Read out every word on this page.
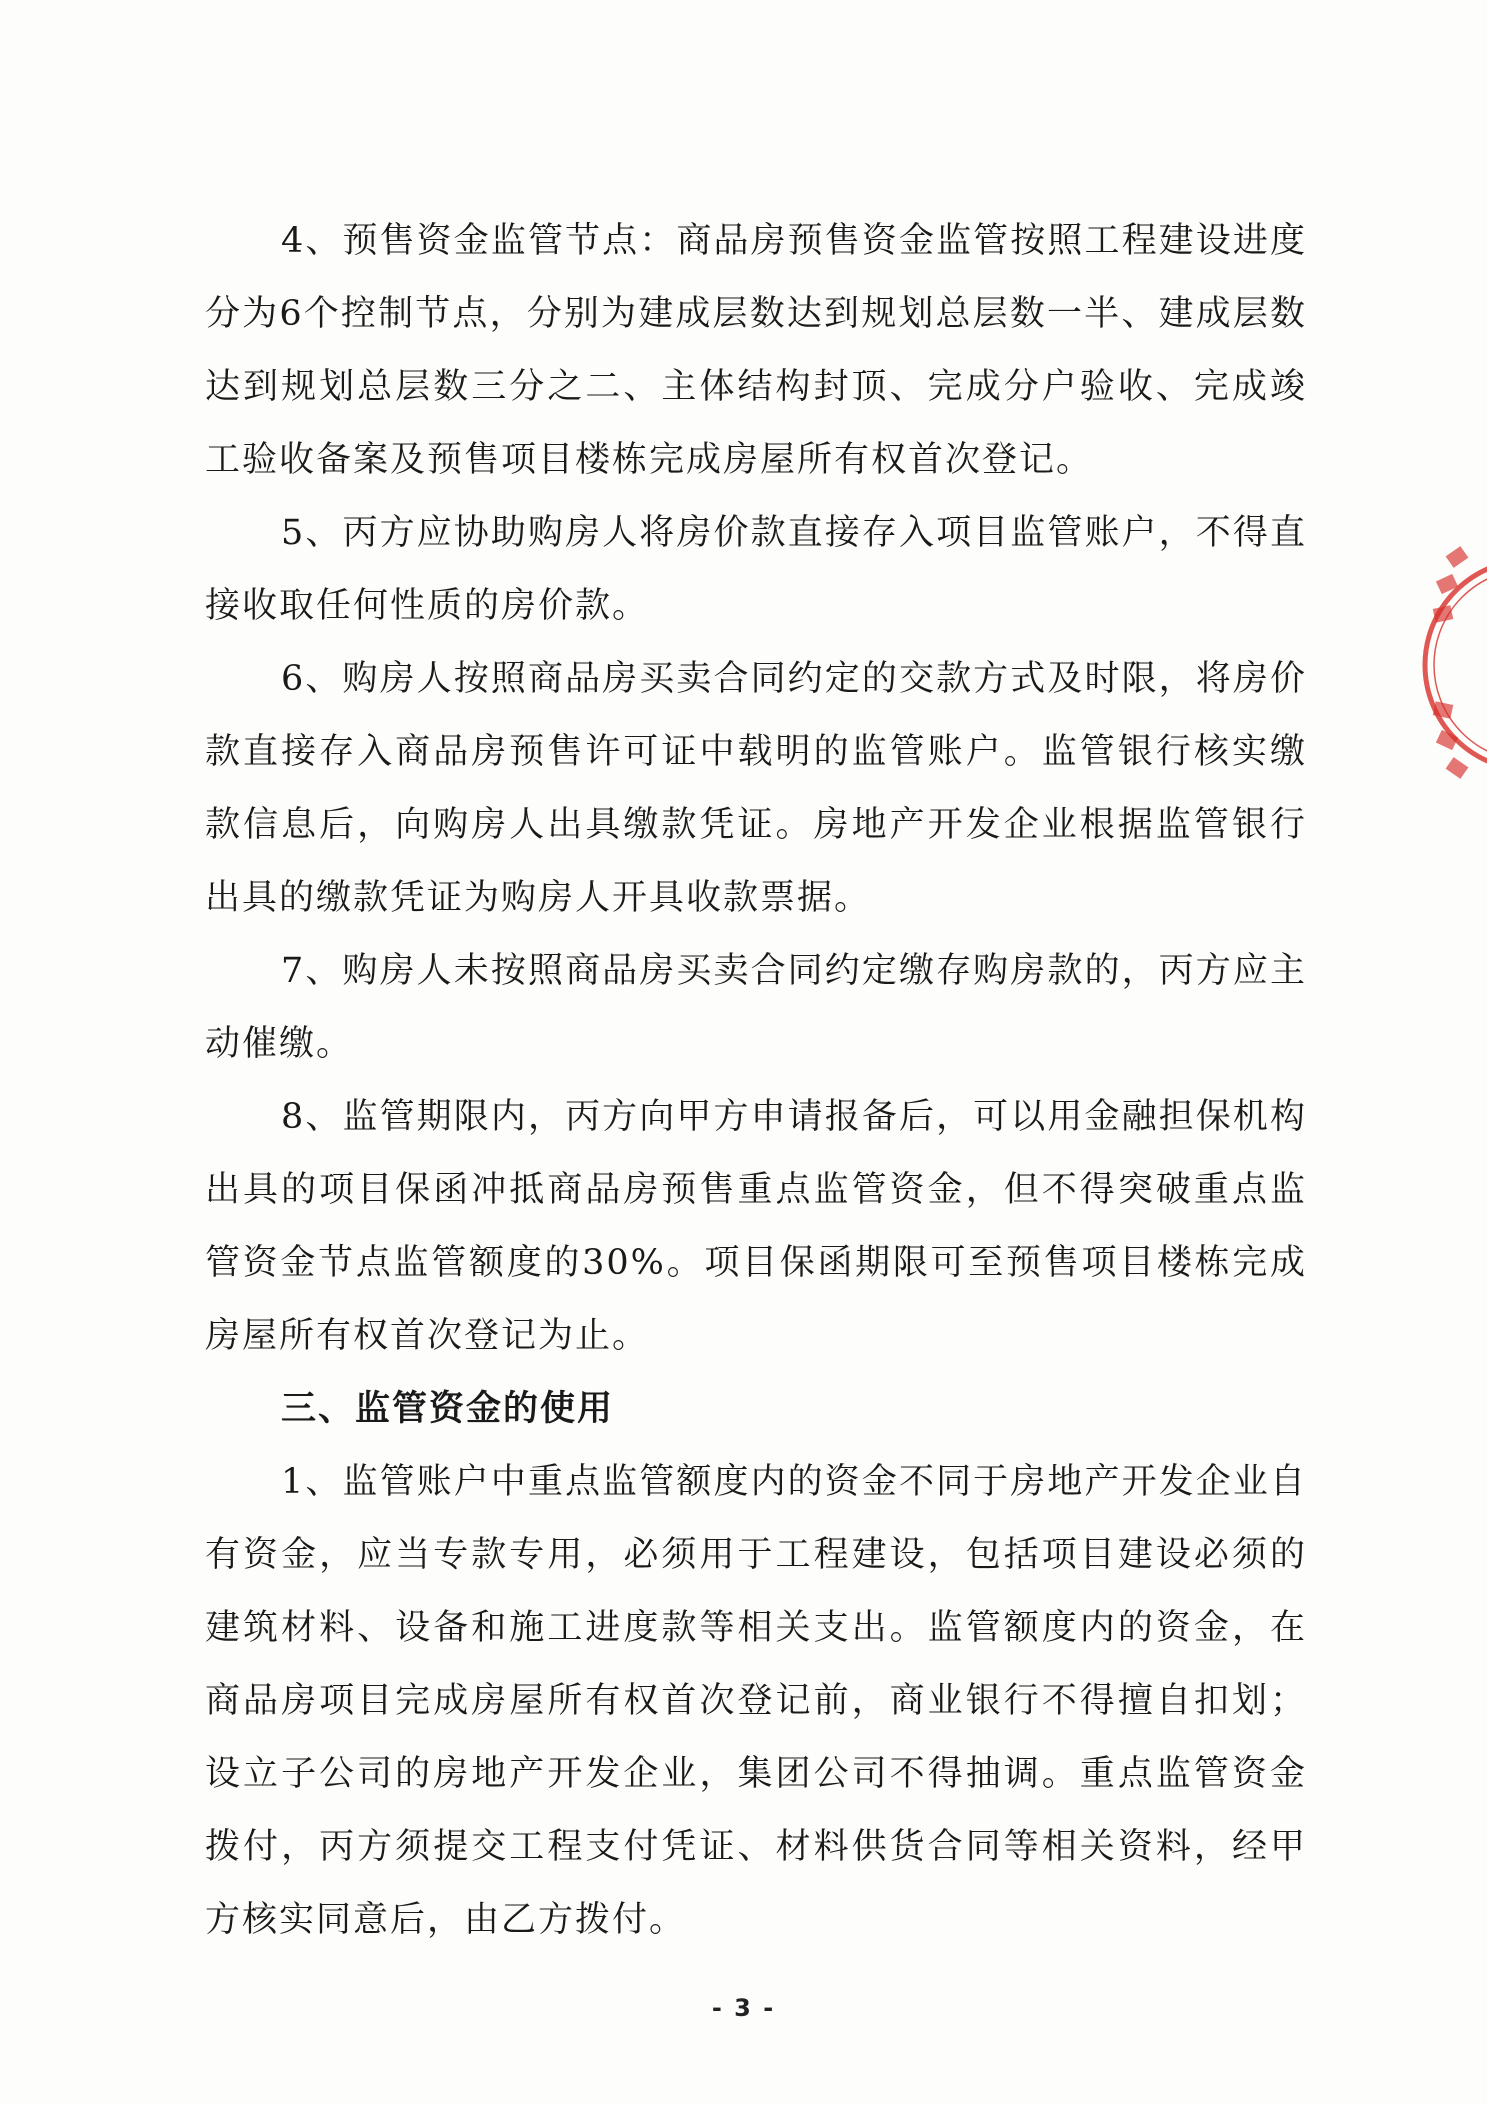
4、预售资金监管节点：商品房预售资金监管按照工程建设进度分为6个控制节点，分别为建成层数达到规划总层数一半、建成层数达到规划总层数三分之二、主体结构封顶、完成分户验收、完成竣工验收备案及预售项目楼栋完成房屋所有权首次登记。

5、丙方应协助购房人将房价款直接存入项目监管账户，不得直接收取任何性质的房价款。

6、购房人按照商品房买卖合同约定的交款方式及时限，将房价款直接存入商品房预售许可证中载明的监管账户。监管银行核实缴款信息后，向购房人出具缴款凭证。房地产开发企业根据监管银行出具的缴款凭证为购房人开具收款票据。

7、购房人未按照商品房买卖合同约定缴存购房款的，丙方应主动催缴。

8、监管期限内，丙方向甲方申请报备后，可以用金融担保机构出具的项目保函冲抵商品房预售重点监管资金，但不得突破重点监管资金节点监管额度的30%。项目保函期限可至预售项目楼栋完成房屋所有权首次登记为止。

三、监管资金的使用

1、监管账户中重点监管额度内的资金不同于房地产开发企业自有资金，应当专款专用，必须用于工程建设，包括项目建设必须的建筑材料、设备和施工进度款等相关支出。监管额度内的资金，在商品房项目完成房屋所有权首次登记前，商业银行不得擅自扣划；设立子公司的房地产开发企业，集团公司不得抽调。重点监管资金拨付，丙方须提交工程支付凭证、材料供货合同等相关资料，经甲方核实同意后，由乙方拨付。

- 3 -
